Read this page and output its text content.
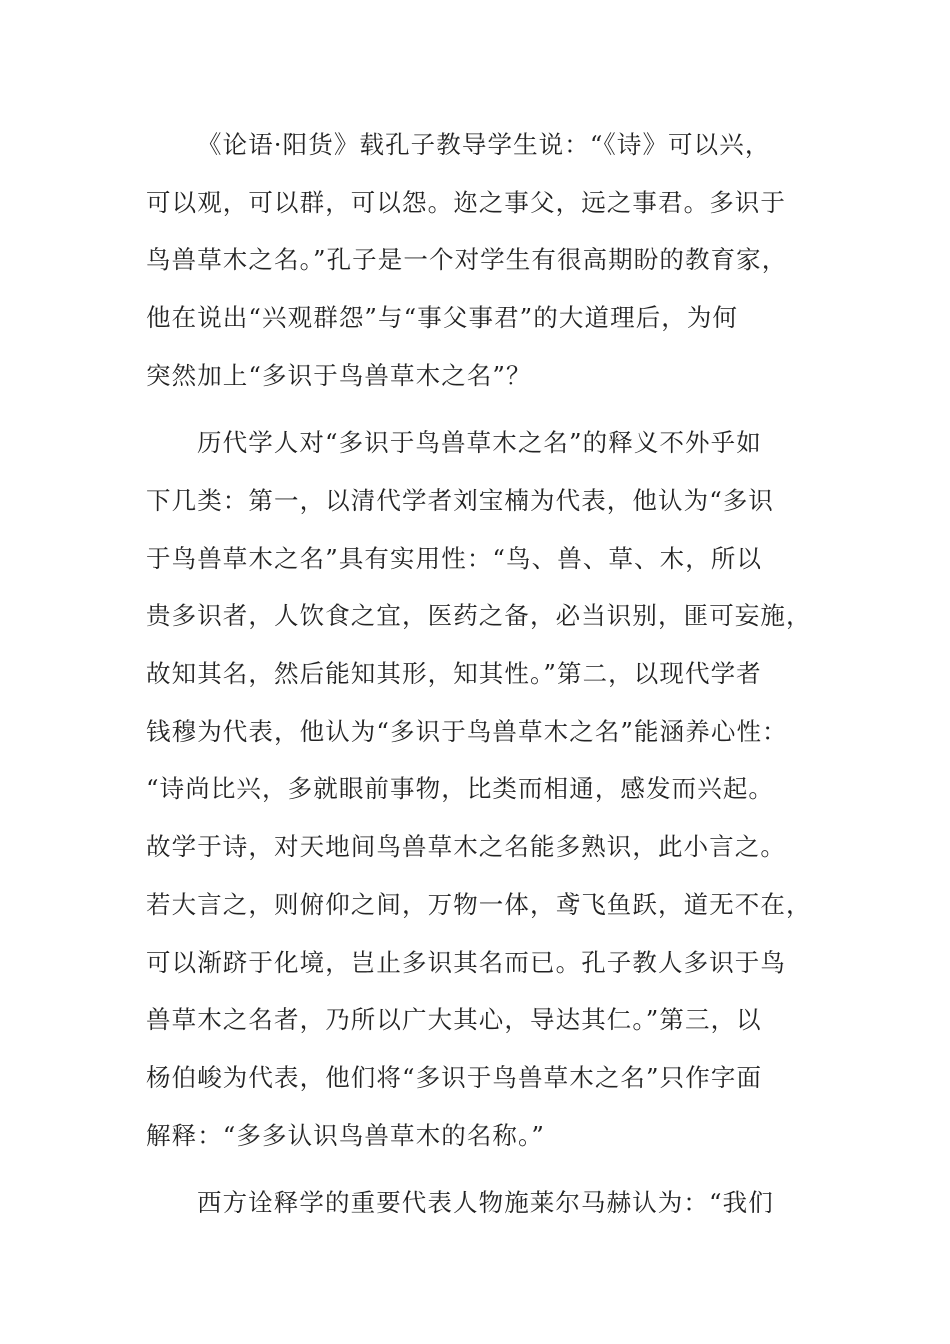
《论语·阳货》载孔子教导学生说：“《诗》可以兴，
可以观，可以群，可以怨。迩之事父，远之事君。多识于
鸟兽草木之名。”孔子是一个对学生有很高期盼的教育家，
他在说出“兴观群怨”与“事父事君”的大道理后，为何
突然加上“多识于鸟兽草木之名”？
历代学人对“多识于鸟兽草木之名”的释义不外乎如
下几类：第一，以清代学者刘宝楠为代表，他认为“多识
于鸟兽草木之名”具有实用性：“鸟、兽、草、木，所以
贵多识者，人饮食之宜，医药之备，必当识别，匪可妄施，
故知其名，然后能知其形，知其性。”第二，以现代学者
钱穆为代表，他认为“多识于鸟兽草木之名”能涵养心性：
“诗尚比兴，多就眼前事物，比类而相通，感发而兴起。
故学于诗，对天地间鸟兽草木之名能多熟识，此小言之。
若大言之，则俯仰之间，万物一体，鸢飞鱼跃，道无不在，
可以渐跻于化境，岂止多识其名而已。孔子教人多识于鸟
兽草木之名者，乃所以广大其心，导达其仁。”第三，以
杨伯峻为代表，他们将“多识于鸟兽草木之名”只作字面
解释：“多多认识鸟兽草木的名称。”
西方诠释学的重要代表人物施莱尔马赫认为：“我们
